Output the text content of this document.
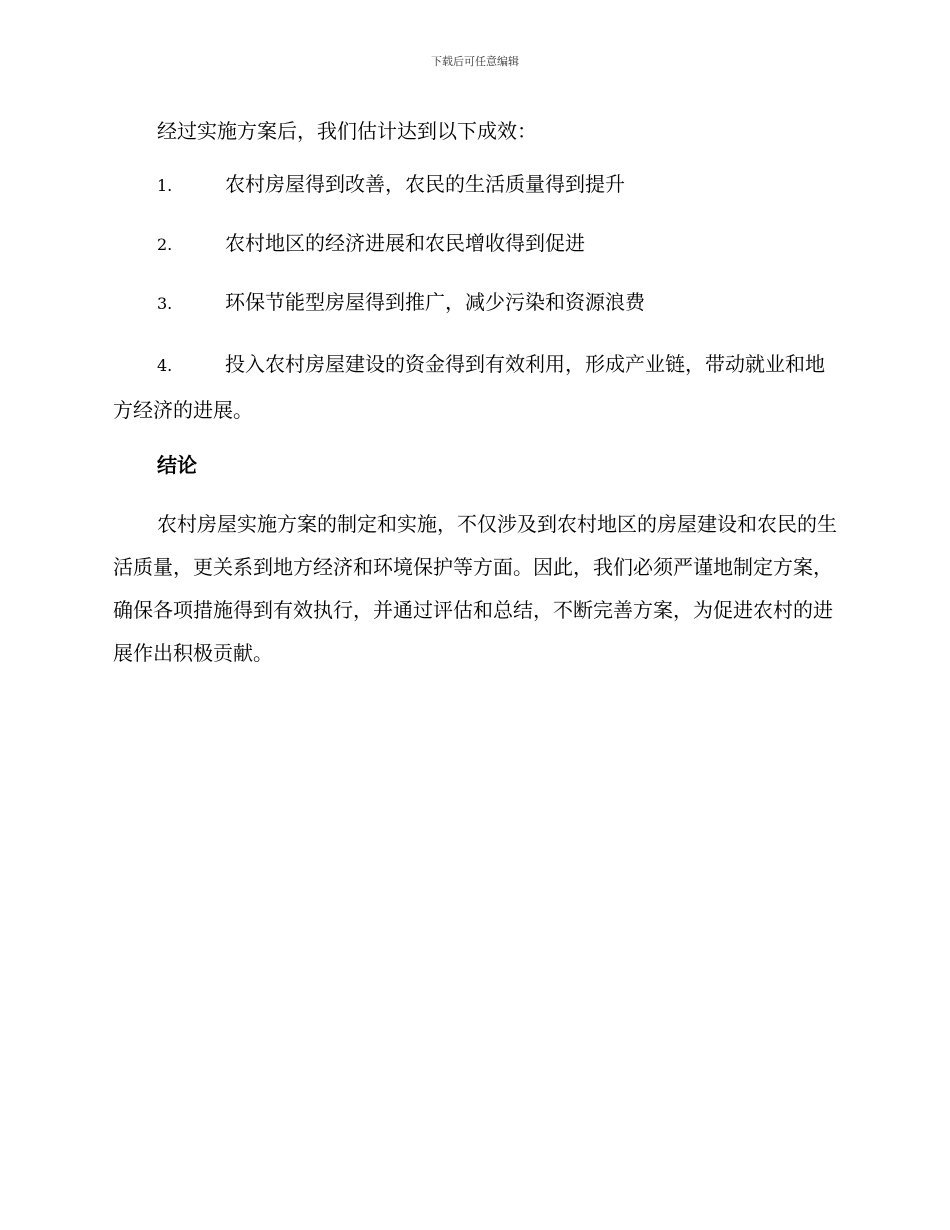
下载后可任意编辑

经过实施方案后，我们估计达到以下成效：

1.	农村房屋得到改善，农民的生活质量得到提升
2.	农村地区的经济进展和农民增收得到促进
3.	环保节能型房屋得到推广，减少污染和资源浪费
4.	投入农村房屋建设的资金得到有效利用，形成产业链，带动就业和地方经济的进展。
结论

农村房屋实施方案的制定和实施，不仅涉及到农村地区的房屋建设和农民的生活质量，更关系到地方经济和环境保护等方面。因此，我们必须严谨地制定方案，确保各项措施得到有效执行，并通过评估和总结，不断完善方案，为促进农村的进展作出积极贡献。
